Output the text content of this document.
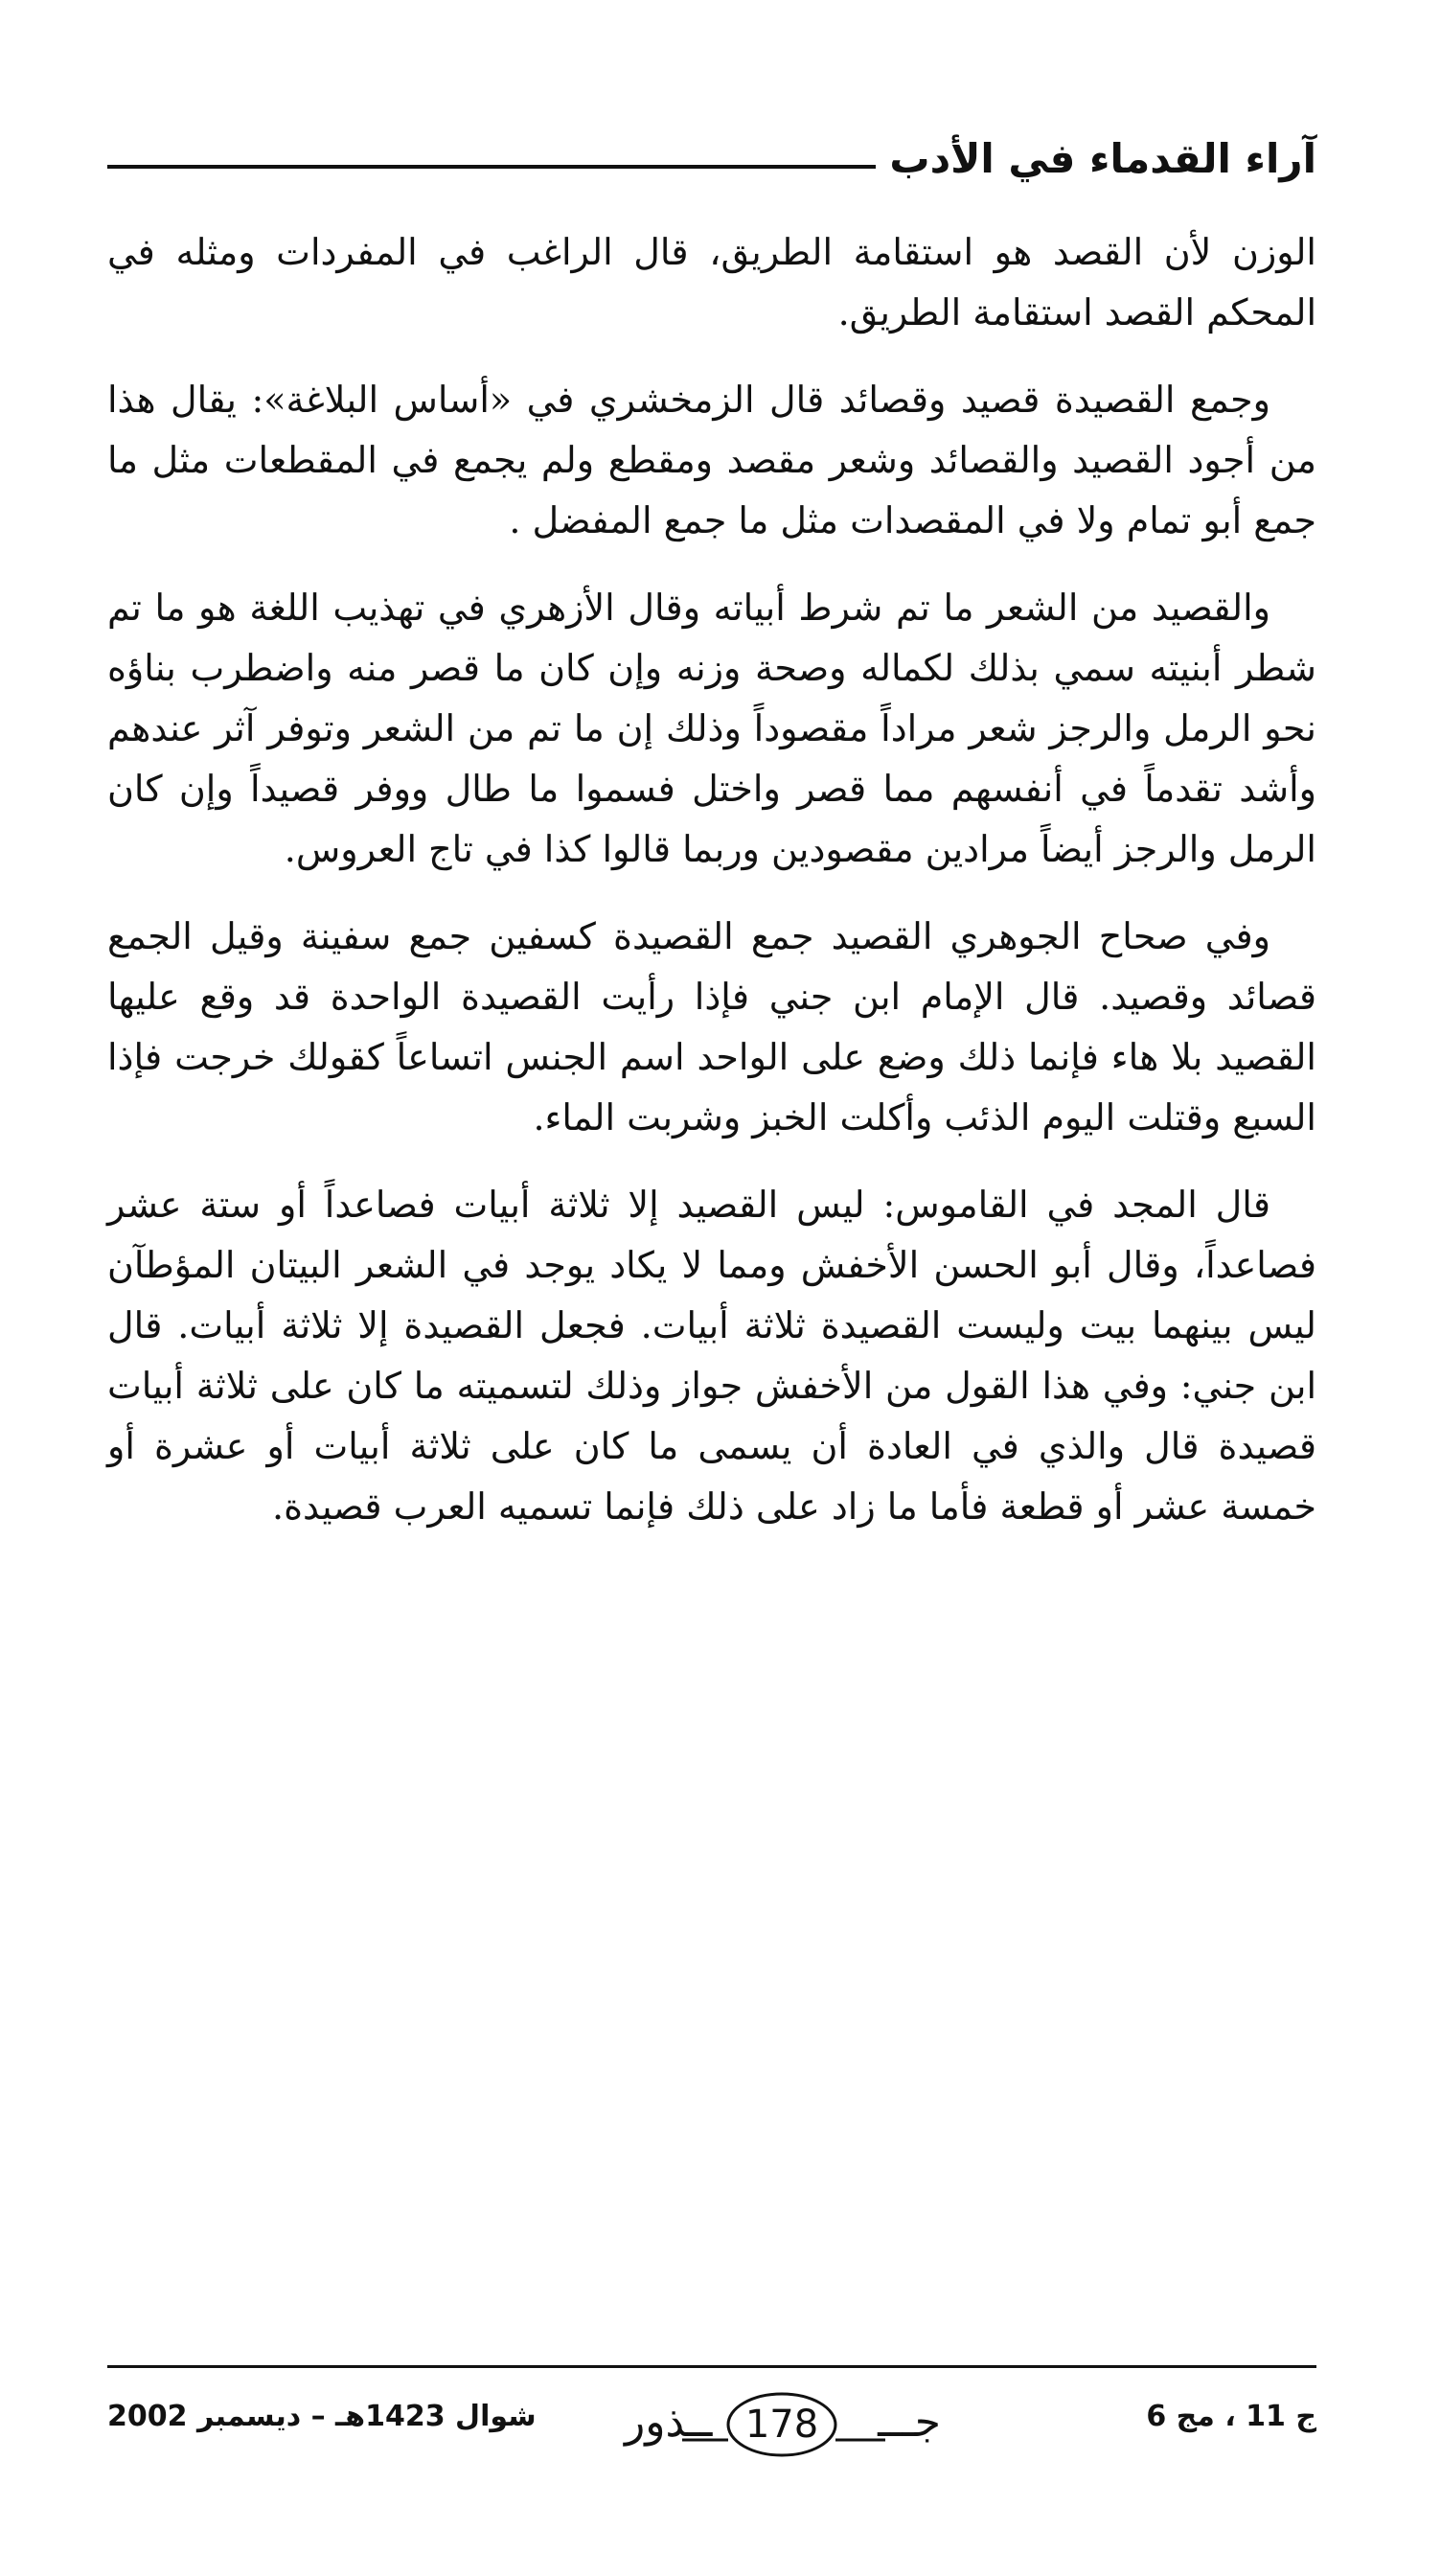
آراء القدماء في الأدب

الوزن لأن القصد هو استقامة الطريق، قال الراغب في المفردات ومثله في المحكم القصد استقامة الطريق.

وجمع القصيدة قصيد وقصائد قال الزمخشري في «أساس البلاغة»: يقال هذا من أجود القصيد والقصائد وشعر مقصد ومقطع ولم يجمع في المقطعات مثل ما جمع أبو تمام ولا في المقصدات مثل ما جمع المفضل .

والقصيد من الشعر ما تم شرط أبياته وقال الأزهري في تهذيب اللغة هو ما تم شطر أبنيته سمي بذلك لكماله وصحة وزنه وإن كان ما قصر منه واضطرب بناؤه نحو الرمل والرجز شعر مراداً مقصوداً وذلك إن ما تم من الشعر وتوفر آثر عندهم وأشد تقدماً في أنفسهم مما قصر واختل فسموا ما طال ووفر قصيداً وإن كان الرمل والرجز أيضاً مرادين مقصودين وربما قالوا كذا في تاج العروس.

وفي صحاح الجوهري القصيد جمع القصيدة كسفين جمع سفينة وقيل الجمع قصائد وقصيد. قال الإمام ابن جني فإذا رأيت القصيدة الواحدة قد وقع عليها القصيد بلا هاء فإنما ذلك وضع على الواحد اسم الجنس اتساعاً كقولك خرجت فإذا السبع وقتلت اليوم الذئب وأكلت الخبز وشربت الماء.

قال المجد في القاموس: ليس القصيد إلا ثلاثة أبيات فصاعداً أو ستة عشر فصاعداً، وقال أبو الحسن الأخفش ومما لا يكاد يوجد في الشعر البيتان المؤطآن ليس بينهما بيت وليست القصيدة ثلاثة أبيات. فجعل القصيدة إلا ثلاثة أبيات. قال ابن جني: وفي هذا القول من الأخفش جواز وذلك لتسميته ما كان على ثلاثة أبيات قصيدة قال والذي في العادة أن يسمى ما كان على ثلاثة أبيات أو عشرة أو خمسة عشر أو قطعة فأما ما زاد على ذلك فإنما تسميه العرب قصيدة.

شوال 1423هـ – ديسمبر 2002 ــذور 178 جـــ	ج 11 ، مج 6
